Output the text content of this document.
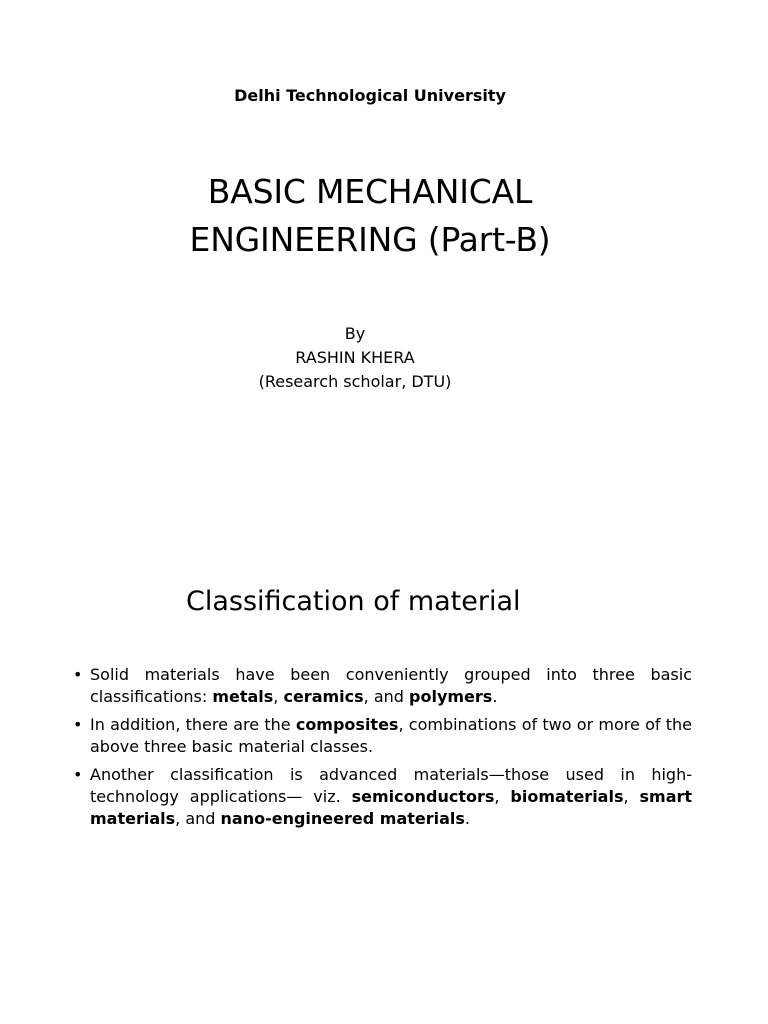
Delhi Technological University
BASIC MECHANICAL
ENGINEERING (Part-B)
By
RASHIN KHERA
(Research scholar, DTU)
Classification of material
• Solid materials have been conveniently grouped into three basic classifications: metals, ceramics, and polymers.
• In addition, there are the composites, combinations of two or more of the above three basic material classes.
• Another classification is advanced materials—those used in high-technology applications— viz. semiconductors, biomaterials, smart materials, and nano-engineered materials.
